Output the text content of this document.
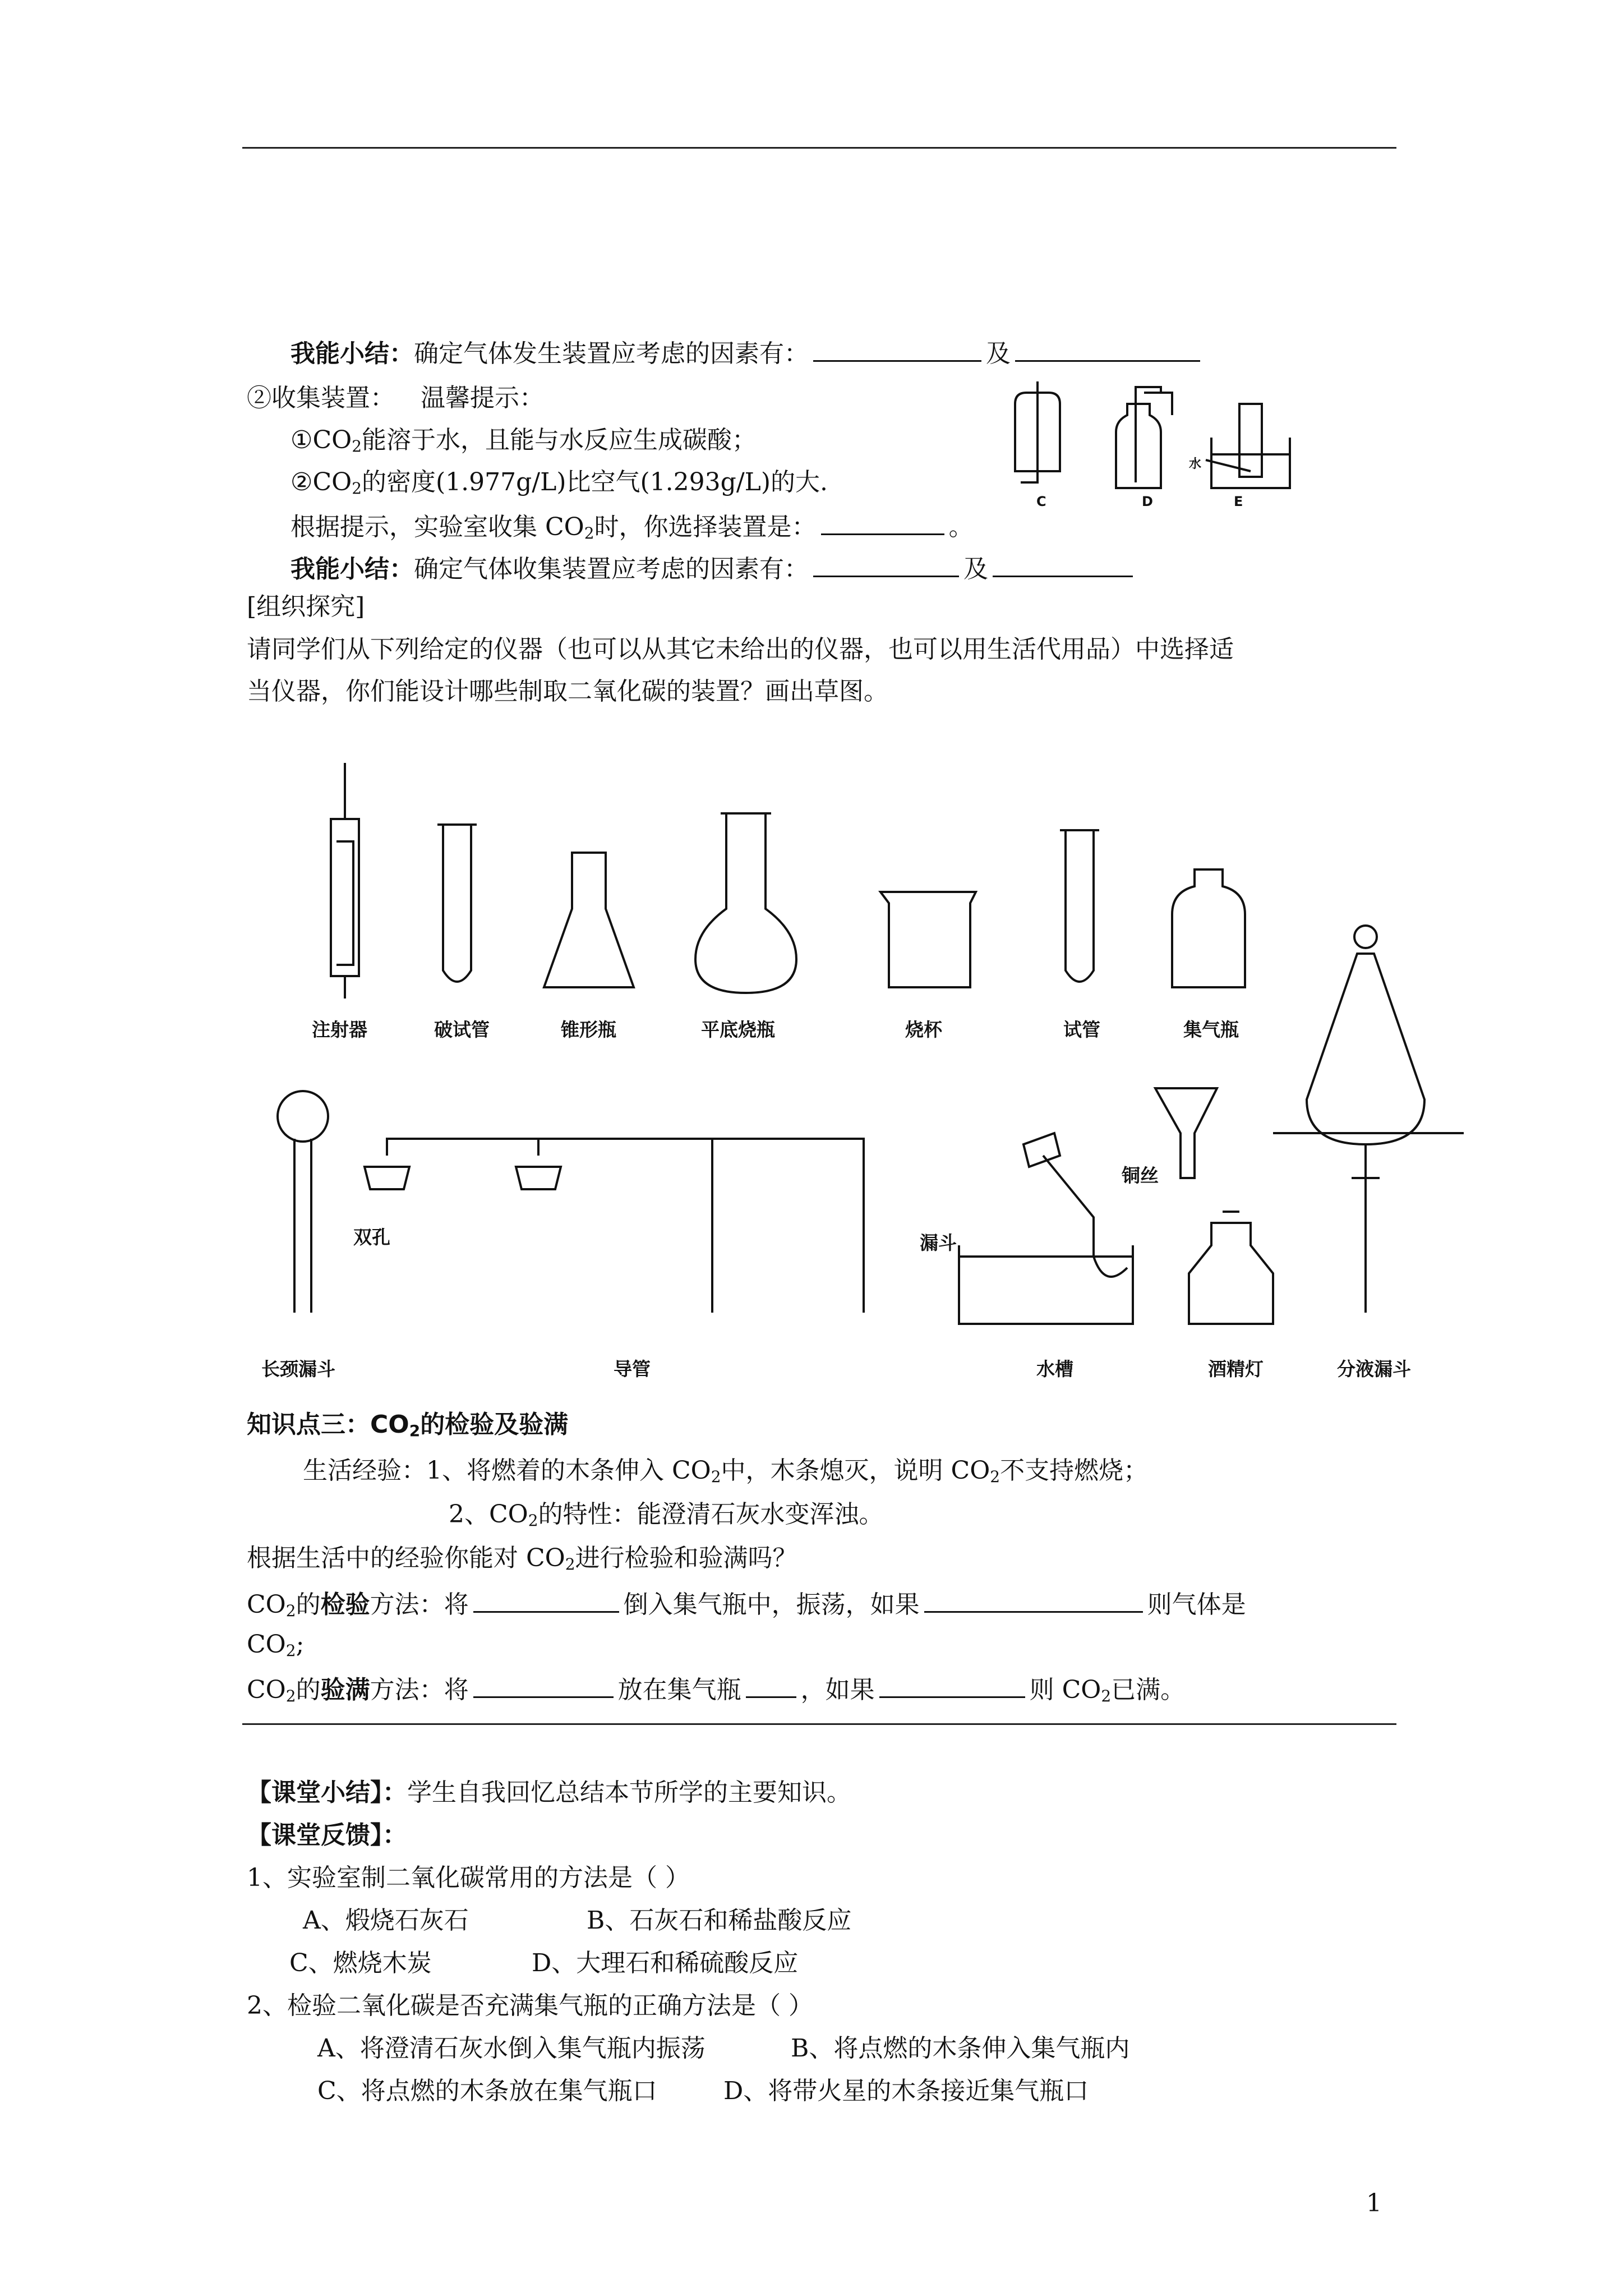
我能小结：确定气体发生装置应考虑的因素有：	及
②收集装置： 温馨提示：
$①CO_2$能溶于水，且能与水反应生成碳酸；
$②CO_2$的密度(1.977g/L)比空气(1.293g/L)的大.
根据提示，实验室收集 $CO_2$时，你选择装置是：	。
我能小结：确定气体收集装置应考虑的因素有：	及
C	D	E
水
[组织探究]
请同学们从下列给定的仪器（也可以从其它未给出的仪器，也可以用生活代用品）中选择适
当仪器，你们能设计哪些制取二氧化碳的装置？画出草图。
注射器	破试管	锥形瓶	平底烧瓶	烧杯	试管	集气瓶
双孔	漏斗
铜丝
长颈漏斗	导管	水槽	酒精灯	分液漏斗
知识点三：$CO_2$的检验及验满
生活经验：1、将燃着的木条伸入 $CO_2$中，木条熄灭，说明 $CO_2$不支持燃烧；
2、$CO_2$的特性：能澄清石灰水变浑浊。
根据生活中的经验你能对 $CO_2$进行检验和验满吗？
$CO_2$的检验方法：将	倒入集气瓶中，振荡，如果	则气体是
$CO_2$;
$CO_2$的验满方法：将	放在集气瓶 ，如果	则 $CO_2$已满。
【课堂小结】：学生自我回忆总结本节所学的主要知识。
【课堂反馈】：
1、实验室制二氧化碳常用的方法是（ ）
A、煅烧石灰石	B、石灰石和稀盐酸反应
C、燃烧木炭	D、大理石和稀硫酸反应
2、检验二氧化碳是否充满集气瓶的正确方法是（ ）
A、将澄清石灰水倒入集气瓶内振荡	B、将点燃的木条伸入集气瓶内
C、将点燃的木条放在集气瓶口	D、将带火星的木条接近集气瓶口
1
